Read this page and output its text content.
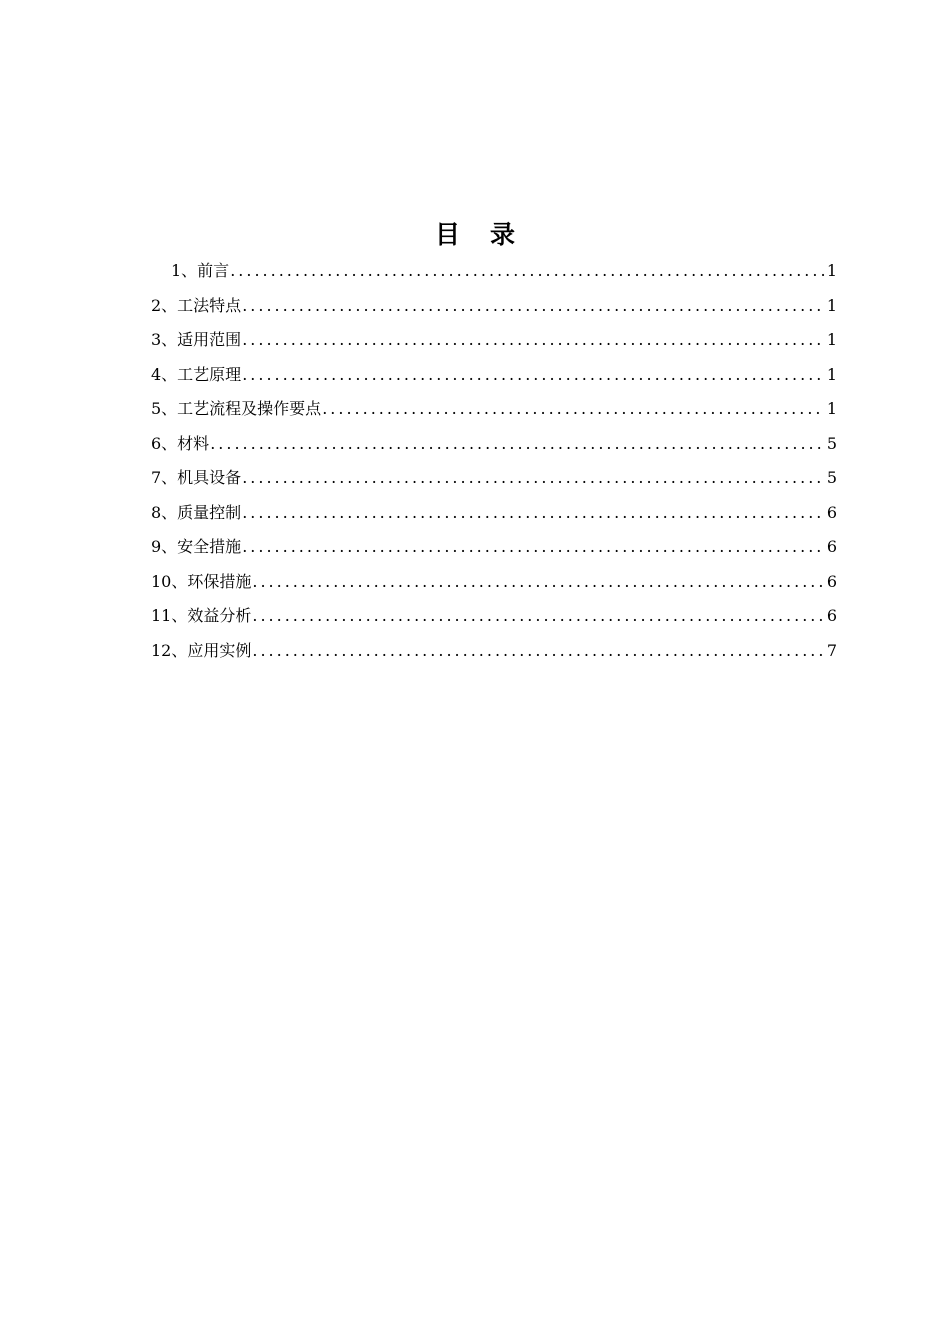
目录
1、前言 .....	1
2、工法特点 .....	1
3、适用范围 .....	1
4、工艺原理 .....	1
5、工艺流程及操作要点 .....	1
6、材料 .....	5
7、机具设备 .....	5
8、质量控制 .....	6
9、安全措施 .....	6
10、环保措施 .....	6
11、效益分析 .....	6
12、应用实例 .....	7
